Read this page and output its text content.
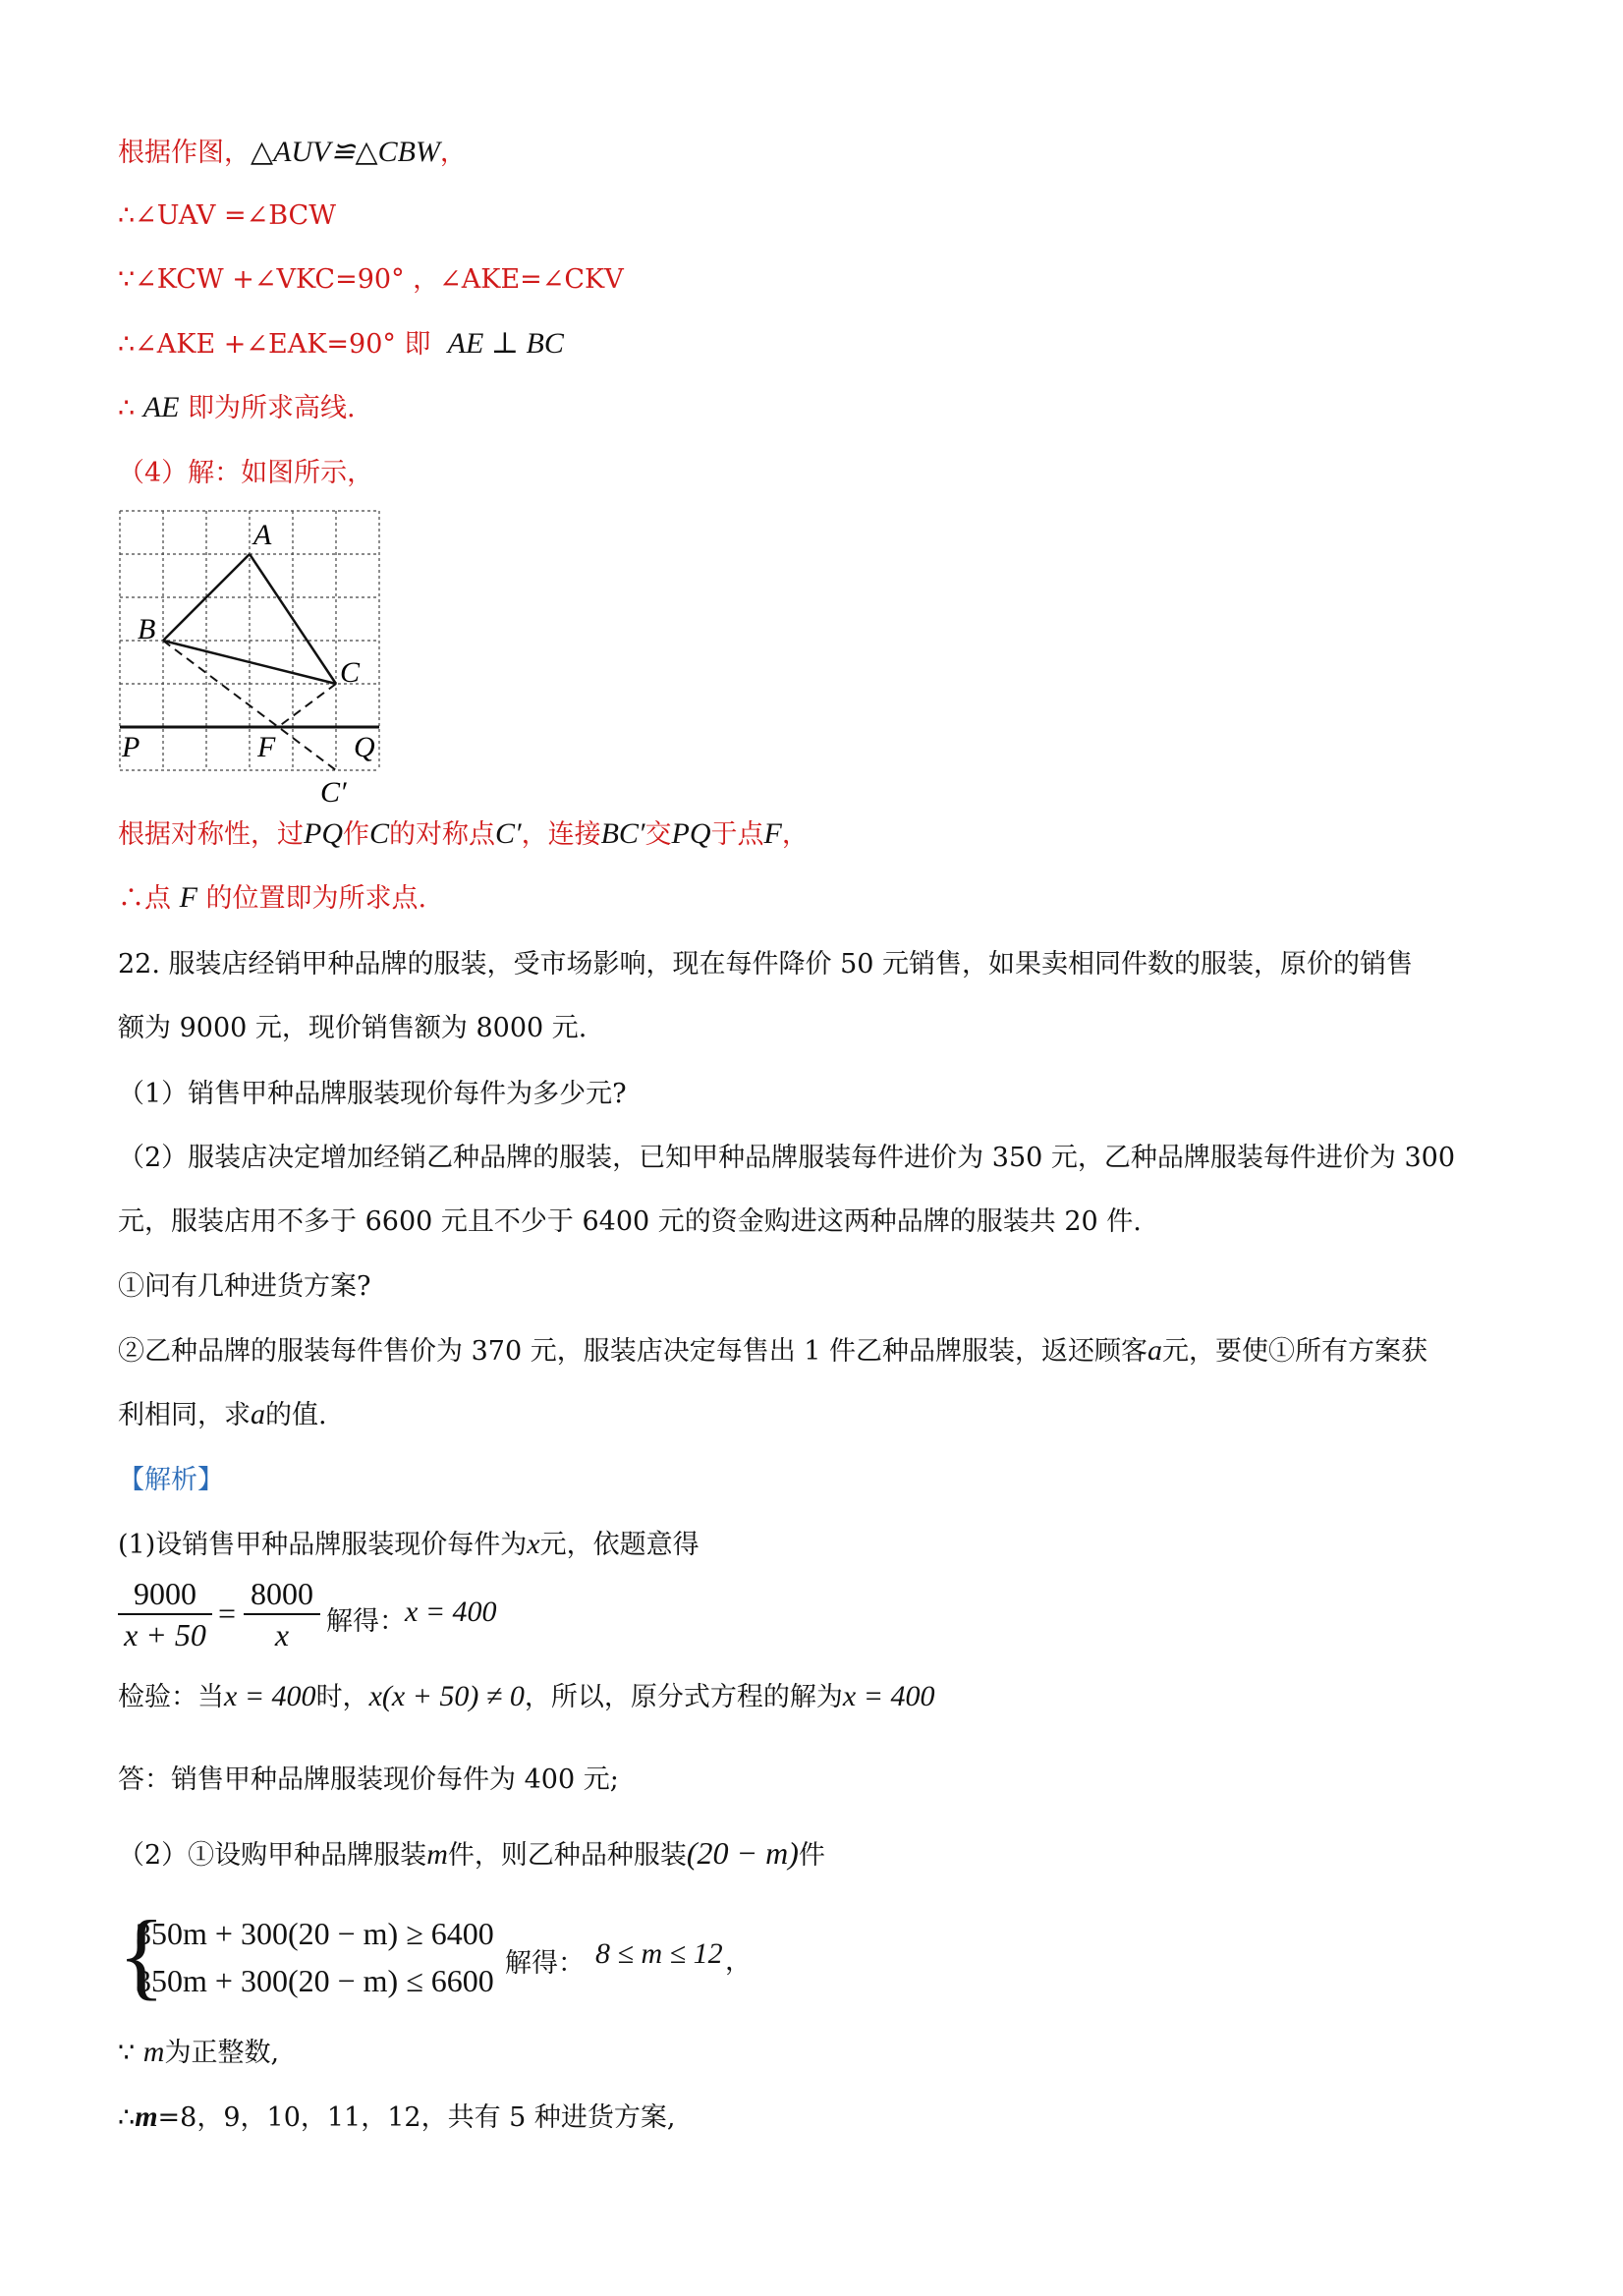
根据作图，△AUV≌△CBW，
∴∠UAV =∠BCW
∵∠KCW +∠VKC=90° ，∠AKE=∠CKV
∴∠AKE +∠EAK=90° 即 AE ⊥ BC
∴ AE 即为所求高线.
（4）解：如图所示，
A
B
C
P	F	Q
C′
根据对称性，过PQ作C的对称点C′，连接BC′交PQ于点F，
∴点 F 的位置即为所求点.
22. 服装店经销甲种品牌的服装，受市场影响，现在每件降价 50 元销售，如果卖相同件数的服装，原价的销售
额为 9000 元，现价销售额为 8000 元.
（1）销售甲种品牌服装现价每件为多少元?
（2）服装店决定增加经销乙种品牌的服装，已知甲种品牌服装每件进价为 350 元，乙种品牌服装每件进价为 300
元，服装店用不多于 6600 元且不少于 6400 元的资金购进这两种品牌的服装共 20 件.
①问有几种进货方案?
②乙种品牌的服装每件售价为 370 元，服装店决定每售出 1 件乙种品牌服装，返还顾客a元，要使①所有方案获
利相同，求a的值.
【解析】
(1)设销售甲种品牌服装现价每件为x元，依题意得
9000
x + 50
=
8000
x	解得： x = 400
检验：当x = 400时，x(x + 50) ≠ 0，所以，原分式方程的解为x = 400
答：销售甲种品牌服装现价每件为 400 元;
（2）①设购甲种品牌服装m件，则乙种品种服装(20 − m)件
{
350m + 300(20 − m) ≥ 6400
350m + 300(20 − m) ≤ 6600 解得： 8 ≤ m ≤ 12 ，
∵ m为正整数,
∴m=8，9，10，11，12，共有 5 种进货方案,
